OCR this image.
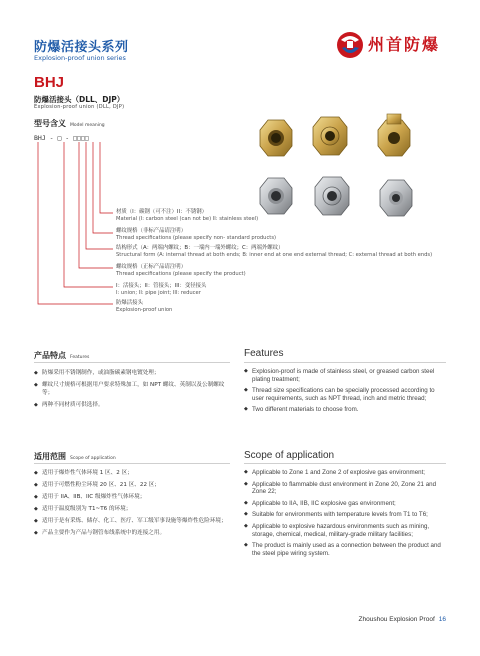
防爆活接头系列
Explosion-proof union series
州首防爆
BHJ
防爆活接头（DLL、DJP）
Explosion-proof union (DLL, DJP)
型号含义 Model meaning
BHJ - □ - □□□□
材质（I：碳钢（可不注）II：不锈钢）
Material (I: carbon steel (can not be) II: stainless steel)
螺纹规格（非标产品请注明）
Thread specifications (please specify non- standard products)
结构形式（A：两端内螺纹；B：一端内一端外螺纹；C：两端外螺纹）
Structural form (A: internal thread at both ends; B: inner end at one end external thread; C: external thread at both ends)
螺纹规格（正标产品请注明）
Thread specifications (please specify the product)
I：活接头；II：管接头；III：变径接头
I: union; II: pipe joint; III: reducer
防爆活接头
Explosion-proof union
产品特点 Features
◆ 防爆采用不锈钢制作，或油脂碳素钢电镀处理；
◆ 螺纹尺寸规格可根据用户要求特殊加工，如 NPT 螺纹、英制以及公制螺纹等；
◆ 两种不同材质可供选择。
Features
◆ Explosion-proof is made of stainless steel, or greased carbon steel plating treatment;
◆ Thread size specifications can be specially processed according to user requirements, such as NPT thread, inch and metric thread;
◆ Two different materials to choose from.
适用范围 Scope of application
◆ 适用于爆炸性气体环境 1 区、2 区；
◆ 适用于可燃性粉尘环境 20 区、21 区、22 区；
◆ 适用于 IIA、IIB、IIC 级爆炸性气体环境；
◆ 适用于温度级别为 T1~T6 的环境；
◆ 适用于是有采炼、储存、化工、医疗、军工级军事设施等爆炸性危险环境；
◆ 产品主要作为产品与钢管布线系统中的连接之用。
Scope of application
◆ Applicable to Zone 1 and Zone 2 of explosive gas environment;
◆ Applicable to flammable dust environment in Zone 20, Zone 21 and Zone 22;
◆ Applicable to IIA, IIB, IIC explosive gas environment;
◆ Suitable for environments with temperature levels from T1 to T6;
◆ Applicable to explosive hazardous environments such as mining, storage, chemical, medical, military-grade military facilities;
◆ The product is mainly used as a connection between the product and the steel pipe wiring system.
Zhoushou Explosion Proof 16
